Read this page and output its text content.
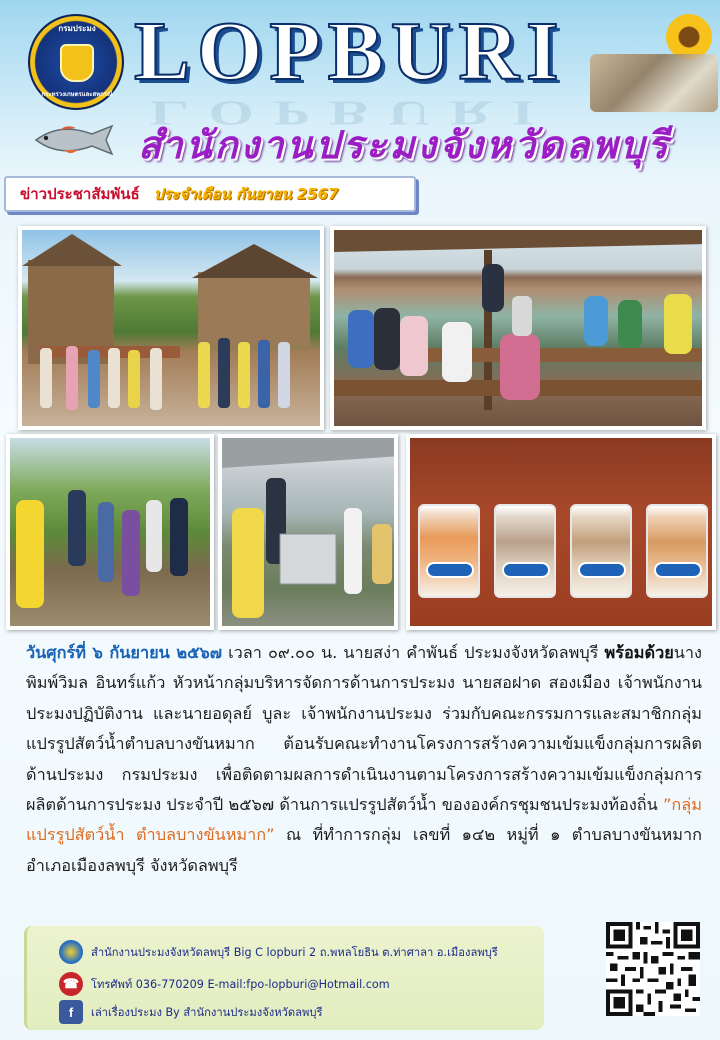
กรมประมง
กระทรวงเกษตรและสหกรณ์ LOPBURI
LOPBURI
สำนักงานประมงจังหวัดลพบุรี
ข่าวประชาสัมพันธ์ ประจำเดือน กันยายน 2567
วันศุกร์ที่ ๖ กันยายน ๒๕๖๗ เวลา ๐๙.๐๐ น. นายสง่า คำพันธ์ ประมงจังหวัดลพบุรี พร้อมด้วยนางพิมพ์วิมล อินทร์แก้ว หัวหน้ากลุ่มบริหารจัดการด้านการประมง นายสอฝาด สองเมือง เจ้าพนักงานประมงปฏิบัติงาน และนายอดุลย์ บูละ เจ้าพนักงานประมง ร่วมกับคณะกรรมการและสมาชิกกลุ่มแปรรูปสัตว์น้ำตำบลบางขันหมาก ต้อนรับคณะทำงานโครงการสร้างความเข้มแข็งกลุ่มการผลิตด้านประมง กรมประมง เพื่อติดตามผลการดำเนินงานตามโครงการสร้างความเข้มแข็งกลุ่มการผลิตด้านการประมง ประจำปี ๒๕๖๗ ด้านการแปรรูปสัตว์น้ำ ขององค์กรชุมชนประมงท้องถิ่น ”กลุ่มแปรรูปสัตว์น้ำ ตำบลบางขันหมาก” ณ ที่ทำการกลุ่ม เลขที่ ๑๔๒ หมู่ที่ ๑ ตำบลบางขันหมาก อำเภอเมืองลพบุรี จังหวัดลพบุรี
สำนักงานประมงจังหวัดลพบุรี Big C lopburi 2 ถ.พหลโยธิน ต.ท่าศาลา อ.เมืองลพบุรี
☎	โทรศัพท์ 036-770209 E-mail:fpo-lopburi@Hotmail.com
f	เล่าเรื่องประมง By สำนักงานประมงจังหวัดลพบุรี
